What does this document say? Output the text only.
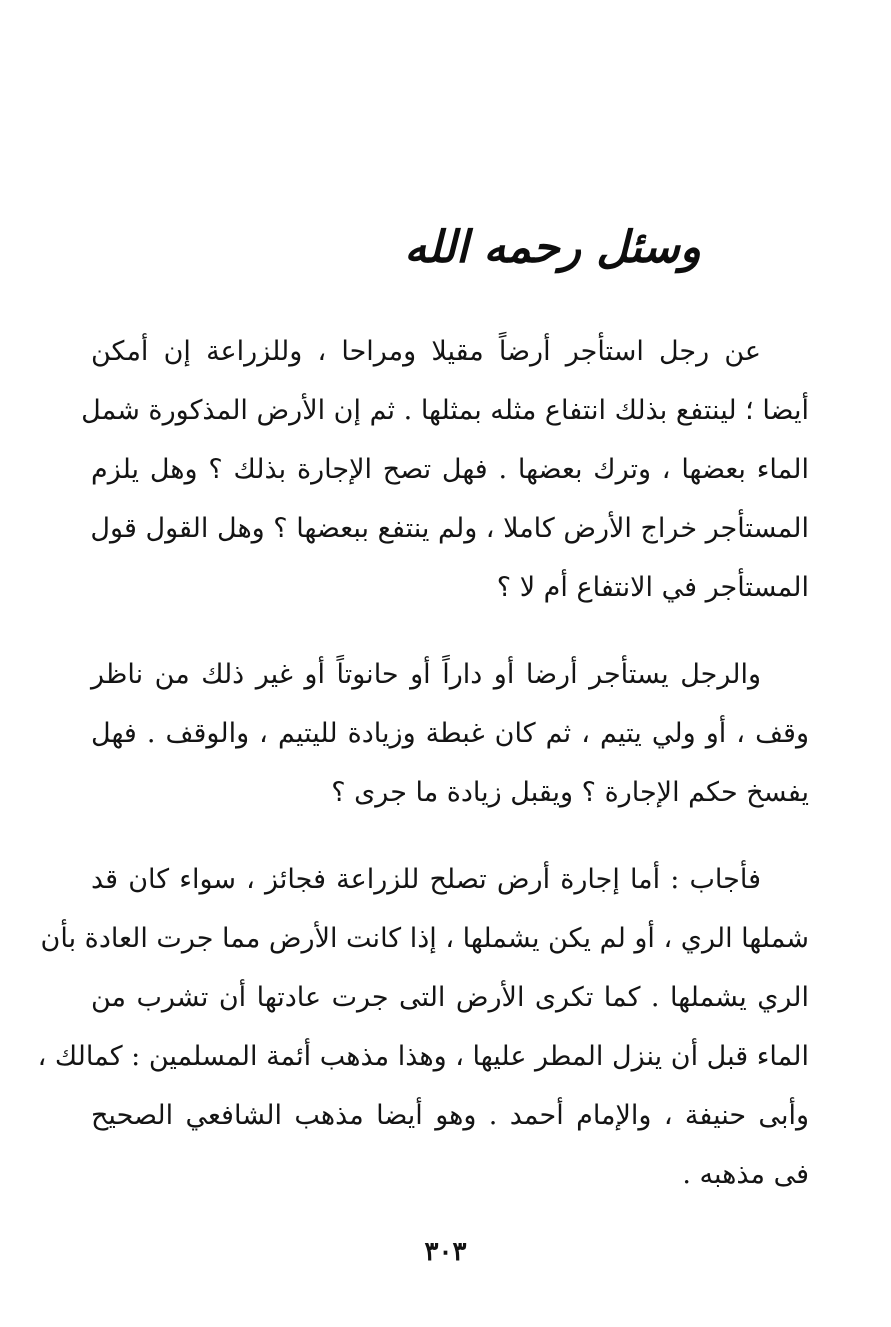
وسئل رحمه الله
عن رجل استأجر أرضاً مقيلا ومراحا ، وللزراعة إن أمكن
أيضا ؛ لينتفع بذلك انتفاع مثله بمثلها . ثم إن الأرض المذكورة شمل
الماء بعضها ، وترك بعضها . فهل تصح الإجارة بذلك ؟ وهل يلزم
المستأجر خراج الأرض كاملا ، ولم ينتفع ببعضها ؟ وهل القول قول
المستأجر في الانتفاع أم لا ؟
والرجل يستأجر أرضا أو داراً أو حانوتاً أو غير ذلك من ناظر
وقف ، أو ولي يتيم ، ثم كان غبطة وزيادة لليتيم ، والوقف . فهل
يفسخ حكم الإجارة ؟ ويقبل زيادة ما جرى ؟
فأجاب : أما إجارة أرض تصلح للزراعة فجائز ، سواء كان قد
شملها الري ، أو لم يكن يشملها ، إذا كانت الأرض مما جرت العادة بأن
الري يشملها . كما تكرى الأرض التى جرت عادتها أن تشرب من
الماء قبل أن ينزل المطر عليها ، وهذا مذهب أئمة المسلمين : كمالك ،
وأبى حنيفة ، والإمام أحمد . وهو أيضا مذهب الشافعي الصحيح
فى مذهبه .
٣٠٣
